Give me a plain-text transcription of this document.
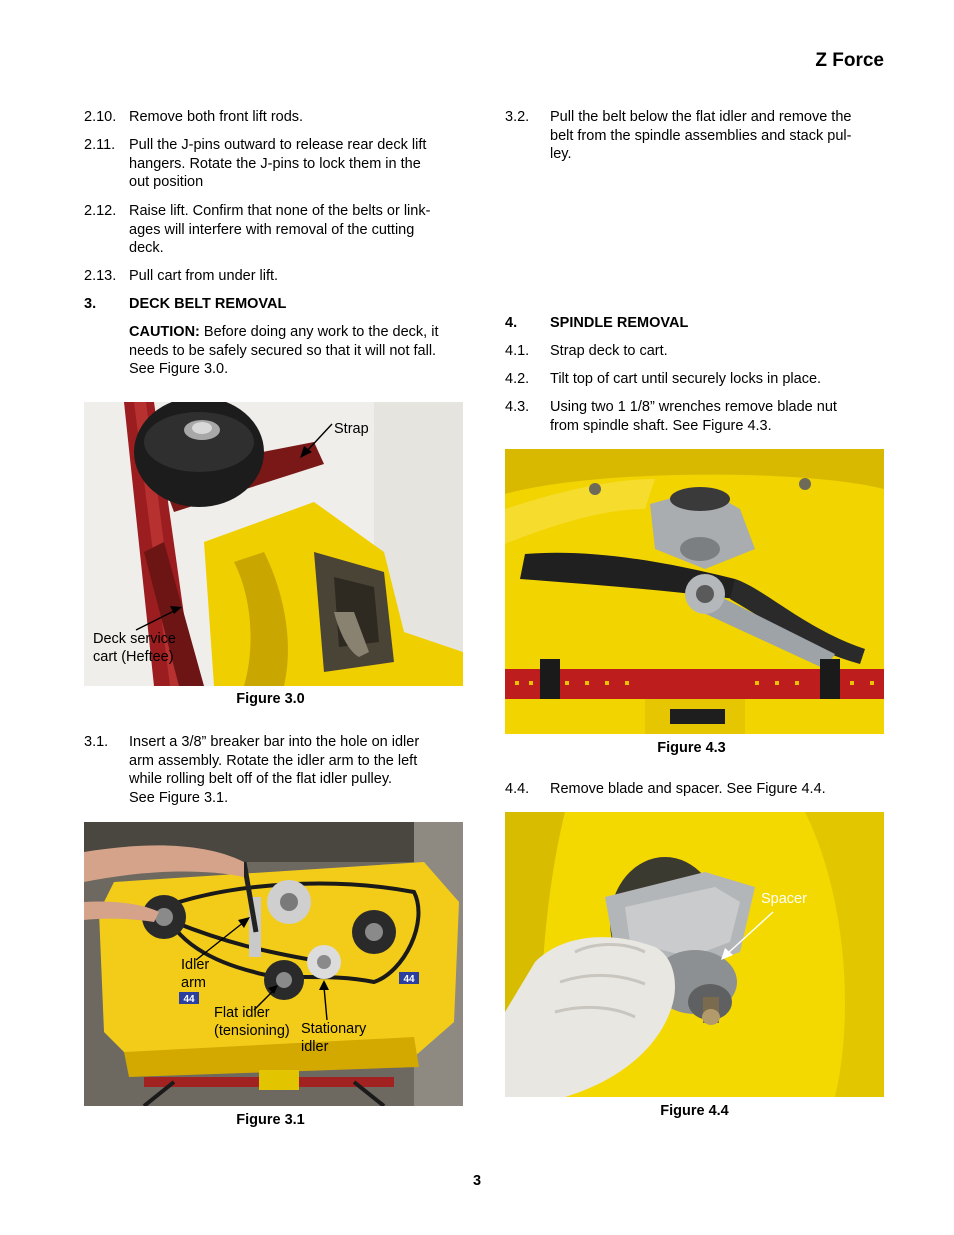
Z Force
2.10. Remove both front lift rods.
2.11. Pull the J-pins outward to release rear deck lift
hangers. Rotate the J-pins to lock them in the
out position
2.12. Raise lift. Confirm that none of the belts or link-
ages will interfere with removal of the cutting
deck.
2.13. Pull cart from under lift.
3. DECK BELT REMOVAL
CAUTION: Before doing any work to the deck, it
needs to be safely secured so that it will not fall.
See Figure 3.0.
Strap
Deck service
cart (Heftee)
Figure 3.0
3.1. Insert a 3/8” breaker bar into the hole on idler
arm assembly. Rotate the idler arm to the left
while rolling belt off of the flat idler pulley.
See Figure 3.1.
44
44
Idler
arm
Flat idler
(tensioning) Stationary
idler
Figure 3.1
3.2. Pull the belt below the flat idler and remove the
belt from the spindle assemblies and stack pul-
ley.
4. SPINDLE REMOVAL
4.1. Strap deck to cart.
4.2. Tilt top of cart until securely locks in place.
4.3. Using two 1 1/8” wrenches remove blade nut
from spindle shaft. See Figure 4.3.
Figure 4.3
4.4. Remove blade and spacer. See Figure 4.4.
Spacer
Figure 4.4
3
